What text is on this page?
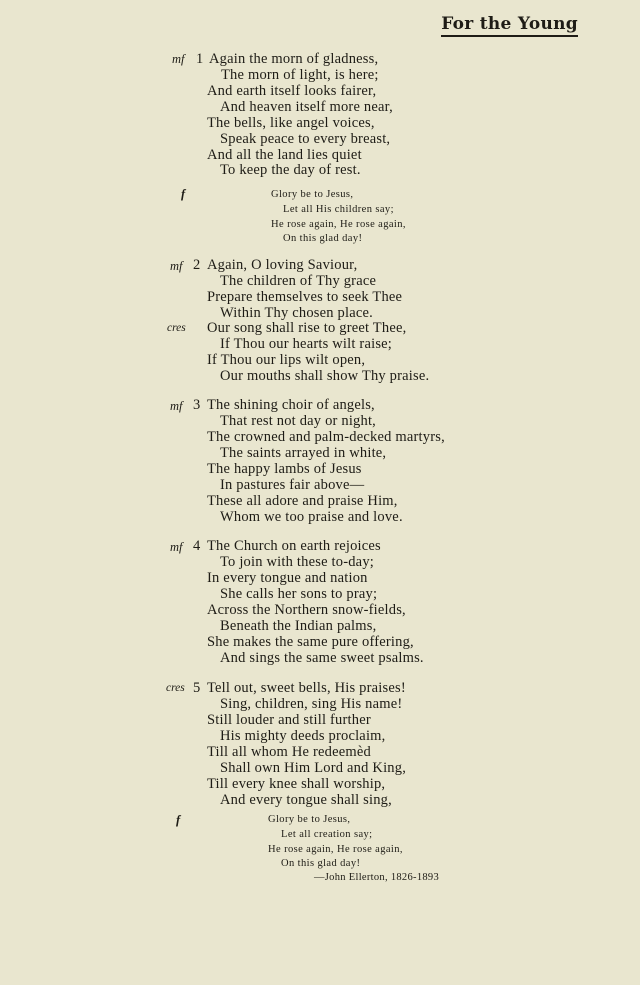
For the Young
mf 1 Again the morn of gladness,
The morn of light, is here;
And earth itself looks fairer,
And heaven itself more near,
The bells, like angel voices,
Speak peace to every breast,
And all the land lies quiet
To keep the day of rest.
f	Glory be to Jesus,
Let all His children say;
He rose again, He rose again,
On this glad day!
mf 2 Again, O loving Saviour,
The children of Thy grace
Prepare themselves to seek Thee
Within Thy chosen place.
cres Our song shall rise to greet Thee,
If Thou our hearts wilt raise;
If Thou our lips wilt open,
Our mouths shall show Thy praise.
mf 3 The shining choir of angels,
That rest not day or night,
The crowned and palm-decked martyrs,
The saints arrayed in white,
The happy lambs of Jesus
In pastures fair above—
These all adore and praise Him,
Whom we too praise and love.
mf 4 The Church on earth rejoices
To join with these to-day;
In every tongue and nation
She calls her sons to pray;
Across the Northern snow-fields,
Beneath the Indian palms,
She makes the same pure offering,
And sings the same sweet psalms.
cres 5 Tell out, sweet bells, His praises!
Sing, children, sing His name!
Still louder and still further
His mighty deeds proclaim,
Till all whom He redeemèd
Shall own Him Lord and King,
Till every knee shall worship,
And every tongue shall sing,
f	Glory be to Jesus,
Let all creation say;
He rose again, He rose again,
On this glad day!
—John Ellerton, 1826-1893
